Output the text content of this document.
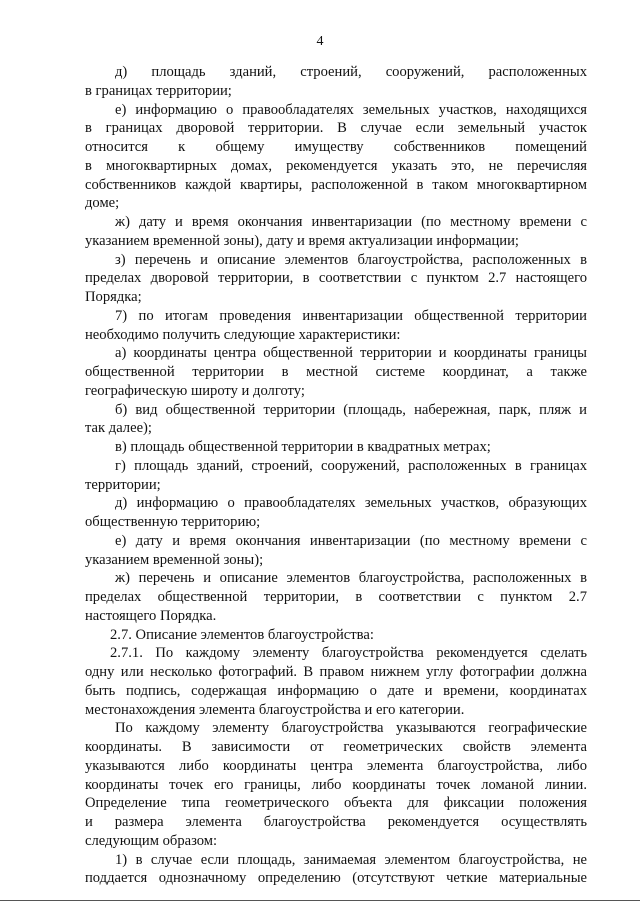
4
д) площадь зданий, строений, сооружений, расположенных
в границах территории;
е) информацию о правообладателях земельных участков, находящихся
в границах дворовой территории. В случае если земельный участок
относится к общему имуществу собственников помещений
в многоквартирных домах, рекомендуется указать это, не перечисляя
собственников каждой квартиры, расположенной в таком многоквартирном
доме;
ж) дату и время окончания инвентаризации (по местному времени с
указанием временной зоны), дату и время актуализации информации;
з) перечень и описание элементов благоустройства, расположенных в
пределах дворовой территории, в соответствии с пунктом 2.7 настоящего
Порядка;
7) по итогам проведения инвентаризации общественной территории
необходимо получить следующие характеристики:
а) координаты центра общественной территории и координаты границы
общественной территории в местной системе координат, а также
географическую широту и долготу;
б) вид общественной территории (площадь, набережная, парк, пляж и
так далее);
в) площадь общественной территории в квадратных метрах;
г) площадь зданий, строений, сооружений, расположенных в границах
территории;
д) информацию о правообладателях земельных участков, образующих
общественную территорию;
е) дату и время окончания инвентаризации (по местному времени с
указанием временной зоны);
ж) перечень и описание элементов благоустройства, расположенных в
пределах общественной территории, в соответствии с пунктом 2.7
настоящего Порядка.
2.7. Описание элементов благоустройства:
2.7.1. По каждому элементу благоустройства рекомендуется сделать
одну или несколько фотографий. В правом нижнем углу фотографии должна
быть подпись, содержащая информацию о дате и времени, координатах
местонахождения элемента благоустройства и его категории.
По каждому элементу благоустройства указываются географические
координаты. В зависимости от геометрических свойств элемента
указываются либо координаты центра элемента благоустройства, либо
координаты точек его границы, либо координаты точек ломаной линии.
Определение типа геометрического объекта для фиксации положения
и размера элемента благоустройства рекомендуется осуществлять
следующим образом:
1) в случае если площадь, занимаемая элементом благоустройства, не
поддается однозначному определению (отсутствуют четкие материальные
